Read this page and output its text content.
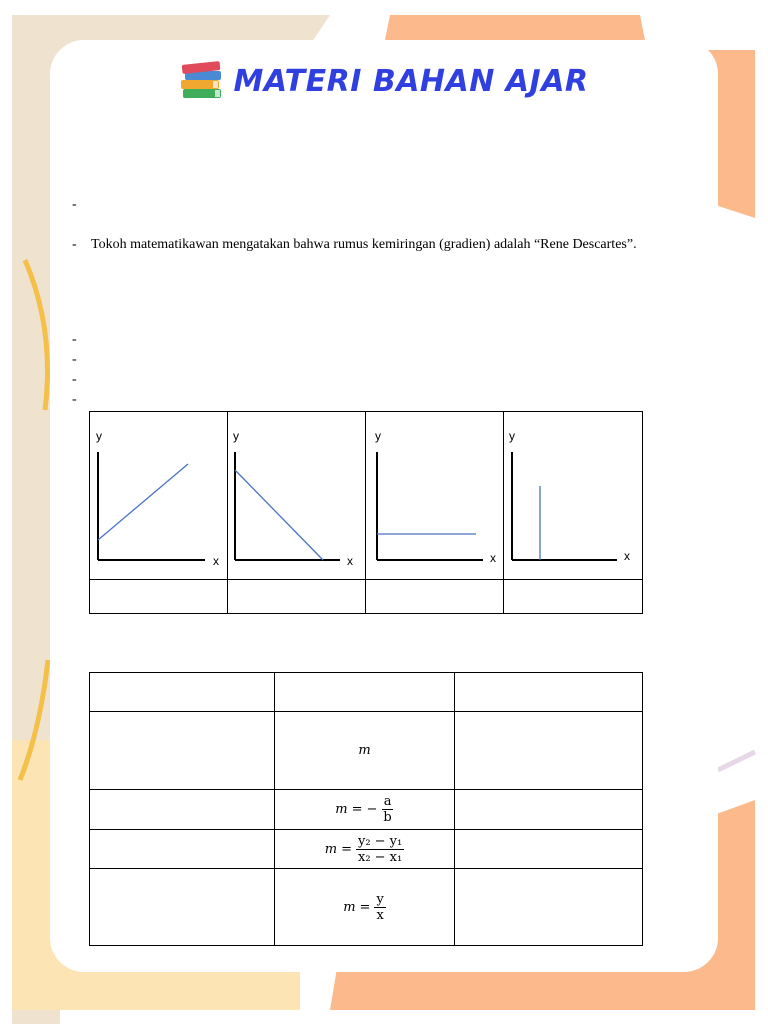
MATERI BAHAN AJAR
-
- Tokoh matematikawan mengatakan bahwa rumus kemiringan (gradien) adalah “Rene Descartes”.
-
-
-
-
y
x	y
x	y
x	y
x

	m	

	m = − $\frac{a}{b}$

	$m = \frac{\text{y₂ − y₁}}{\text{x₂ − x₁}}$

	$m = \frac{y}{x}$
